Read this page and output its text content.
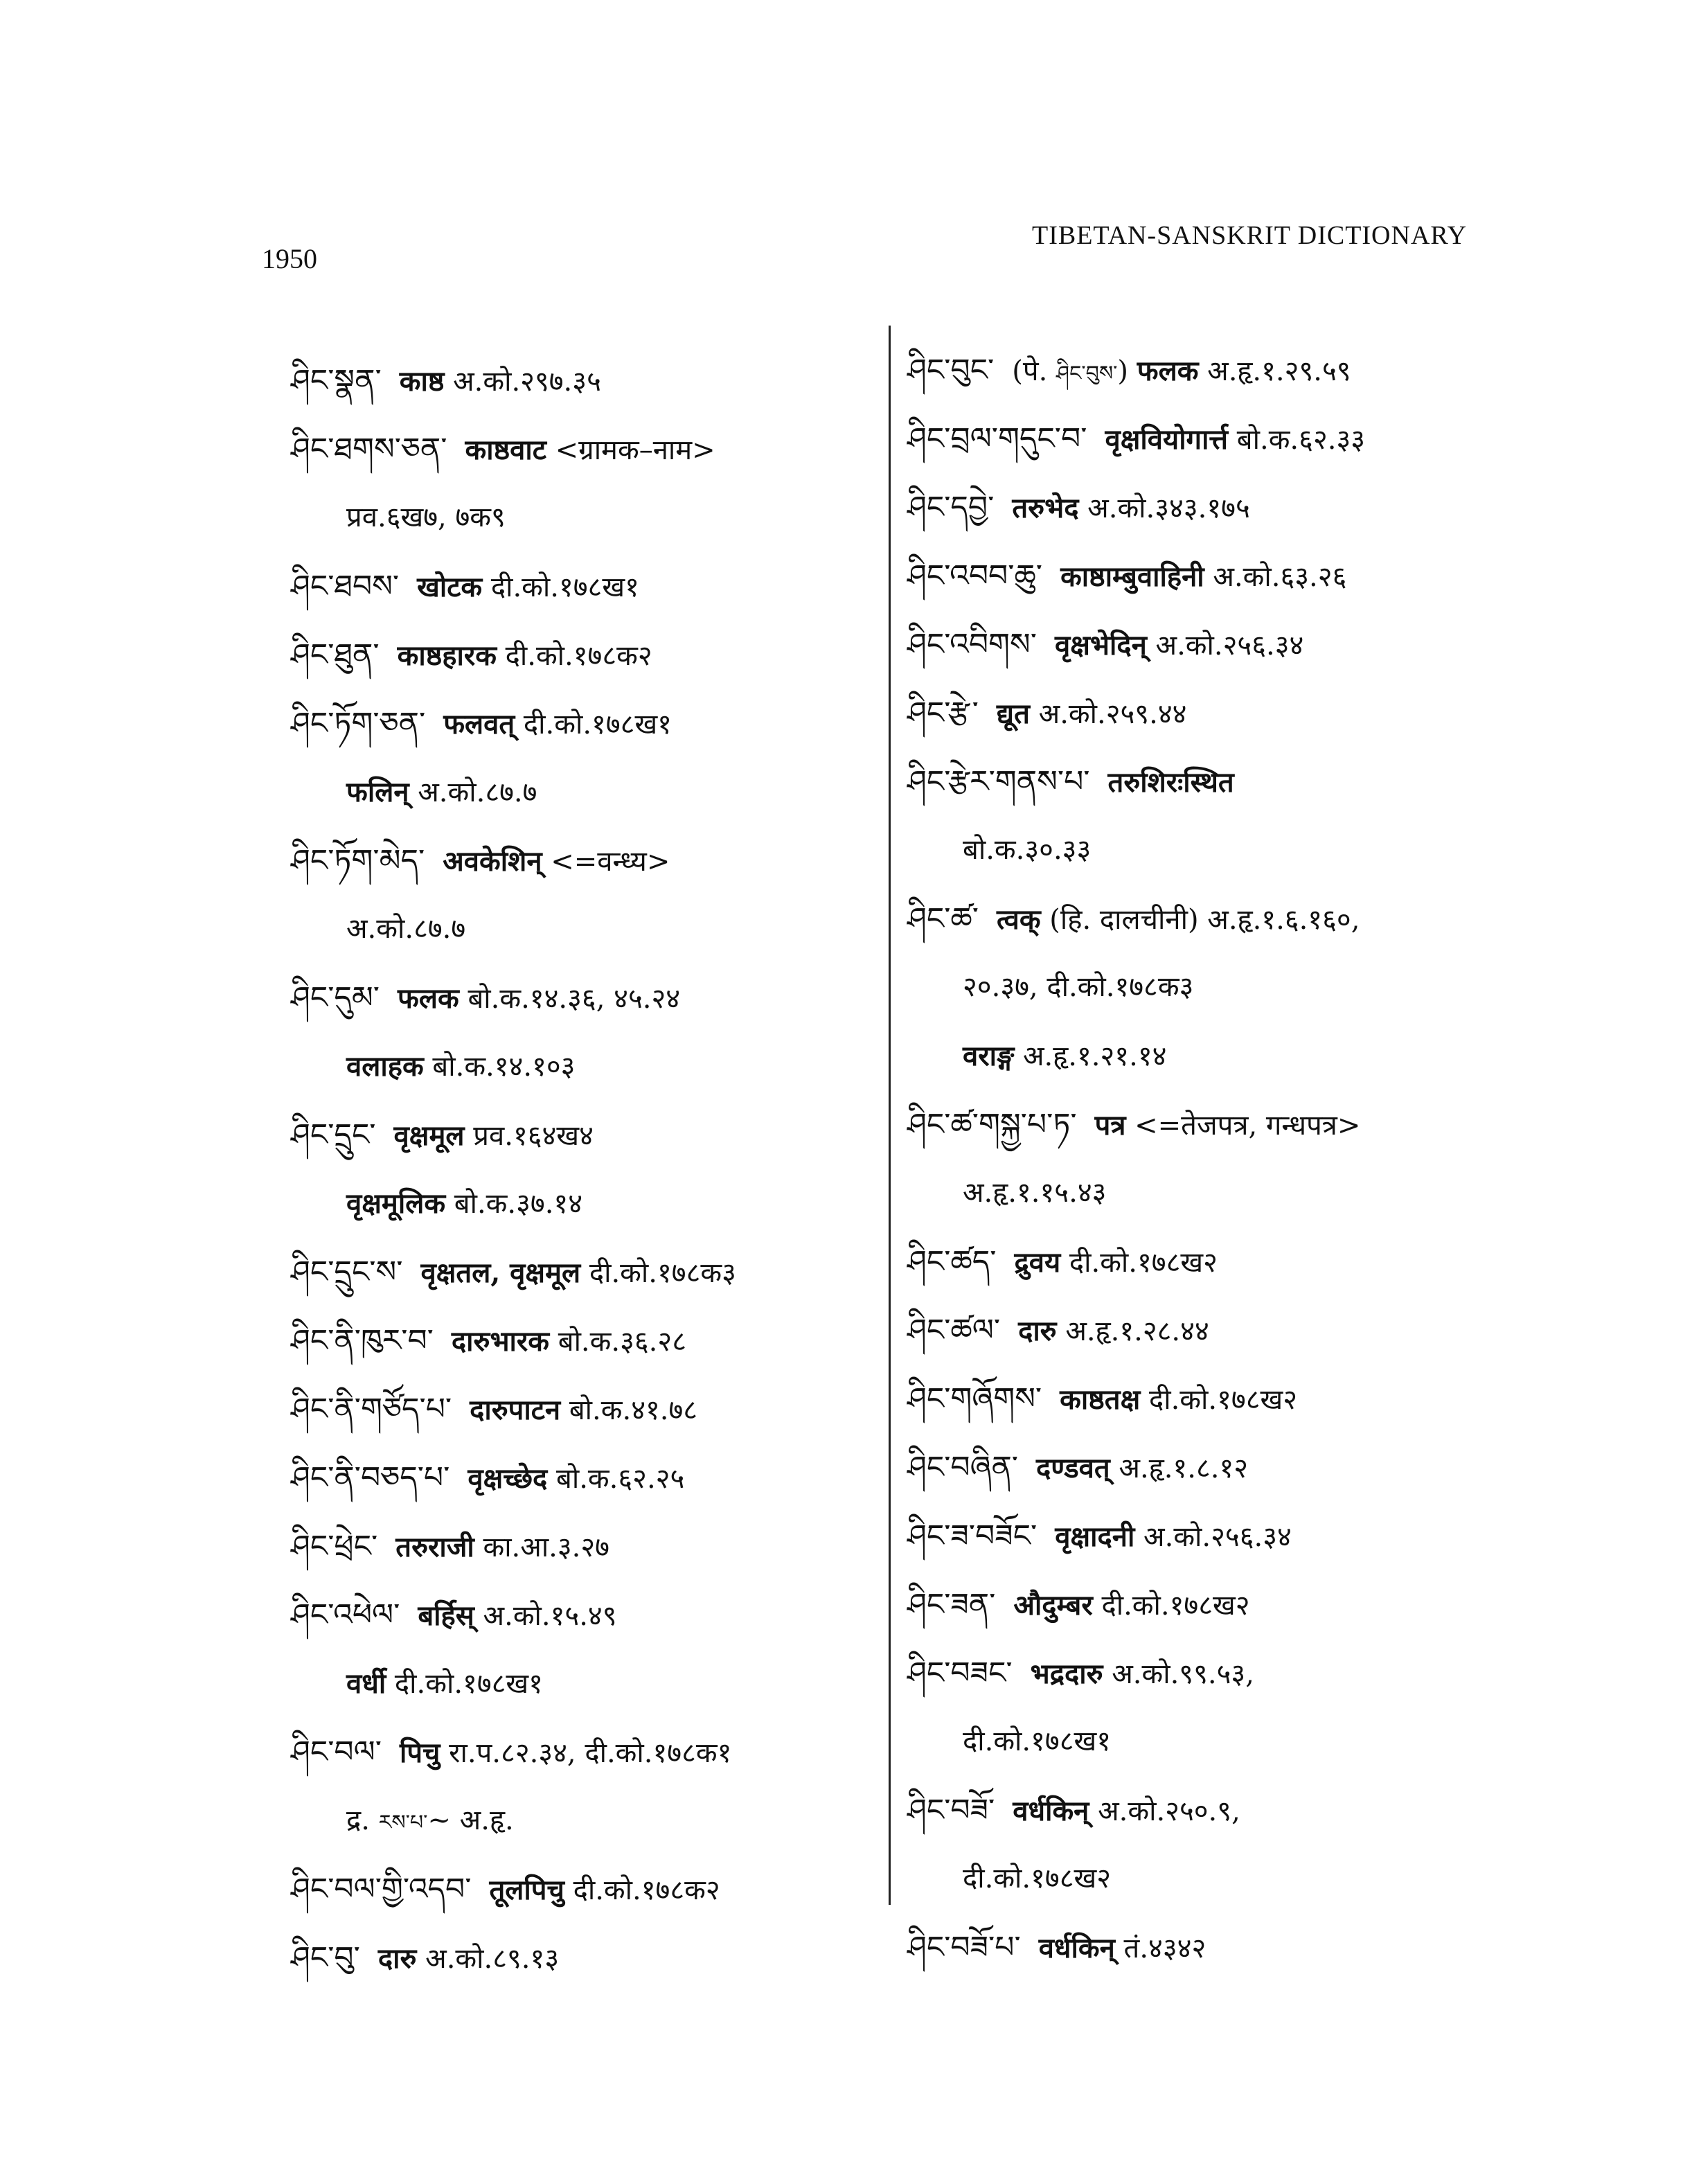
1950
TIBETAN-SANSKRIT DICTIONARY
ཤིང་སྣན་ काष्ठ अ.को.२९७.३५
ཤིང་ཐགས་ཅན་ काष्ठवाट <ग्रामक–नाम>
प्रव.६ख७, ७क९
ཤིང་ཐབས་ खोटक दी.को.१७८ख१
ཤིང་ཐུན་ काष्ठहारक दी.को.१७८क२
ཤིང་ཏོག་ཅན་ फलवत् दी.को.१७८ख१
फलिन् अ.को.८७.७
ཤིང་ཏོག་མེད་ अवकेशिन् <=वन्ध्य>
अ.को.८७.७
ཤིང་དུམ་ फलक बो.क.१४.३६, ४५.२४
वलाहक बो.क.१४.१०३
ཤིང་དྲུང་ वृक्षमूल प्रव.१६४ख४
वृक्षमूलिक बो.क.३७.१४
ཤིང་དྲུང་ས་ वृक्षतल, वृक्षमूल दी.को.१७८क३
ཤིང་ནི་ཁུར་བ་ दारुभारक बो.क.३६.२८
ཤིང་ནི་གཙོད་པ་ दारुपाटन बो.क.४१.७८
ཤིང་ནི་བཅད་པ་ वृक्षच्छेद बो.क.६२.२५
ཤིང་ཕྲེང་ तरुराजी का.आ.३.२७
ཤིང་འཕེལ་ बर्हिस् अ.को.१५.४९
वर्धी दी.को.१७८ख१
ཤིང་བལ་ पिचु रा.प.८२.३४, दी.को.१७८क१
द्र. རས་པ་~ अ.हृ.
ཤིང་བལ་གྱི་འདབ་ तूलपिचु दी.को.१७८क२
ཤིང་བུ་ दारु अ.को.८९.१३
ཤིང་བུང་ (पे. ཤིང་བུས་) फलक अ.हृ.१.२९.५९
ཤིང་བྲལ་གདུང་བ་ वृक्षवियोगार्त्त बो.क.६२.३३
ཤིང་དབྱེ་ तरुभेद अ.को.३४३.१७५
ཤིང་འབབ་ཆུ་ काष्ठाम्बुवाहिनी अ.को.६३.२६
ཤིང་འབིགས་ वृक्षभेदिन् अ.को.२५६.३४
ཤིང་རྩེ་ द्यूत अ.को.२५९.४४
ཤིང་རྩེར་གནས་པ་ तरुशिरःस्थित
बो.क.३०.३३
ཤིང་ཚ་ त्वक् (हि. दालचीनी) अ.हृ.१.६.१६०,
२०.३७, दी.को.१७८क३
वराङ्ग अ.हृ.१.२१.१४
ཤིང་ཚ་གསྐྱ་པ་ཏ་ पत्र <=तेजपत्र, गन्धपत्र>
अ.हृ.१.१५.४३
ཤིང་ཚད་ द्रुवय दी.को.१७८ख२
ཤིང་ཚལ་ दारु अ.हृ.१.२८.४४
ཤིང་གཞོགས་ काष्ठतक्ष दी.को.१७८ख२
ཤིང་བཞིན་ दण्डवत् अ.हृ.१.८.१२
ཤིང་ཟ་བཟོང་ वृक्षादनी अ.को.२५६.३४
ཤིང་ཟན་ औदुम्बर दी.को.१७८ख२
ཤིང་བཟང་ भद्रदारु अ.को.९९.५३,
दी.को.१७८ख१
ཤིང་བཟོ་ वर्धकिन् अ.को.२५०.९,
दी.को.१७८ख२
ཤིང་བཟོ་པ་ वर्धकिन् तं.४३४२
